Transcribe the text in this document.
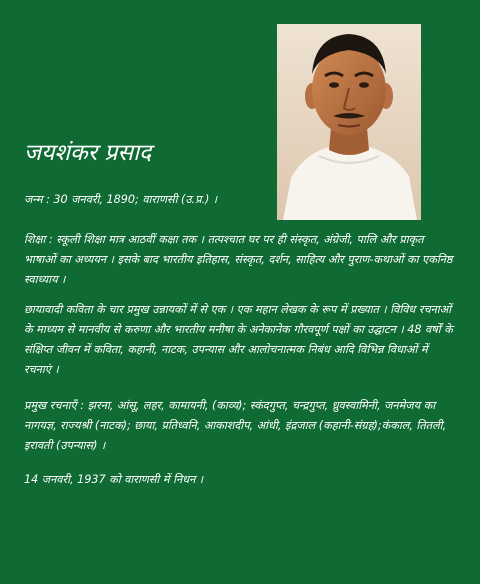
जयशंकर प्रसाद
जन्म : 30 जनवरी, 1890; वाराणसी (उ.प्र.) ।
शिक्षा : स्कूली शिक्षा मात्र आठवीं कक्षा तक । तत्पश्चात घर पर ही संस्कृत, अंग्रेजी, पालि और प्राकृत भाषाओं का अध्ययन । इसके बाद भारतीय इतिहास, संस्कृत, दर्शन, साहित्य और पुराण-कथाओं का एकनिष्ठ स्वाध्याय ।
छायावादी कविता के चार प्रमुख उन्नायकों में से एक । एक महान लेखक के रूप में प्रख्यात । विविध रचनाओं के माध्यम से मानवीय से करुणा और भारतीय मनीषा के अनेकानेक गौरवपूर्ण पक्षों का उद्घाटन । 48 वर्षों के संक्षिप्त जीवन में कविता, कहानी, नाटक, उपन्यास और आलोचनात्मक निबंध आदि विभिन्न विधाओं में रचनाएं ।
प्रमुख रचनाएँ : झरना, आंसू, लहर, कामायनी, (काव्य); स्कंदगुप्त, चन्द्रगुप्त, ध्रुवस्वामिनी, जनमेजय का नागयज्ञ, राज्यश्री (नाटक); छाया, प्रतिध्वनि, आकाशदीप, आंधी, इंद्रजाल (कहानी-संग्रह);कंकाल, तितली, इरावती (उपन्यास) ।
14 जनवरी, 1937 को वाराणसी में निधन ।
